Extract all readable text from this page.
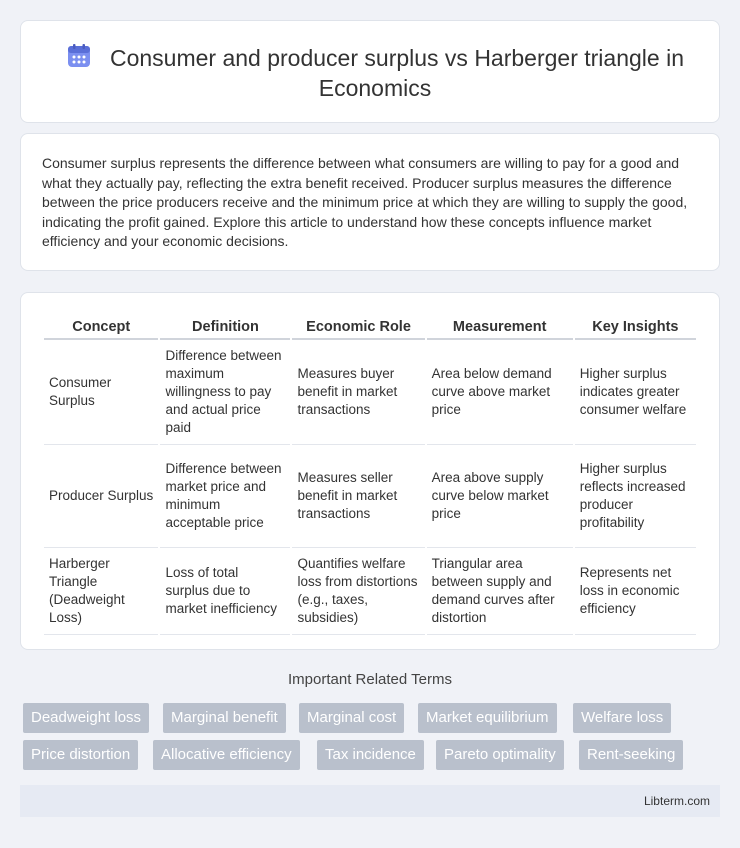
Consumer and producer surplus vs Harberger triangle in Economics

Consumer surplus represents the difference between what consumers are willing to pay for a good and what they actually pay, reflecting the extra benefit received. Producer surplus measures the difference between the price producers receive and the minimum price at which they are willing to supply the good, indicating the profit gained. Explore this article to understand how these concepts influence market efficiency and your economic decisions.

Concept	Definition	Economic Role	Measurement	Key Insights
Consumer Surplus	Difference between maximum willingness to pay and actual price paid	Measures buyer benefit in market transactions	Area below demand curve above market price	Higher surplus indicates greater consumer welfare
Producer Surplus	Difference between market price and minimum acceptable price	Measures seller benefit in market transactions	Area above supply curve below market price	Higher surplus reflects increased producer profitability
Harberger Triangle (Deadweight Loss)	Loss of total surplus due to market inefficiency	Quantifies welfare loss from distortions (e.g., taxes, subsidies)	Triangular area between supply and demand curves after distortion	Represents net loss in economic efficiency
Important Related Terms
Deadweight loss	Marginal benefit	Marginal cost	Market equilibrium	Welfare loss
Price distortion	Allocative efficiency	Tax incidence	Pareto optimality	Rent-seeking
Libterm.com
